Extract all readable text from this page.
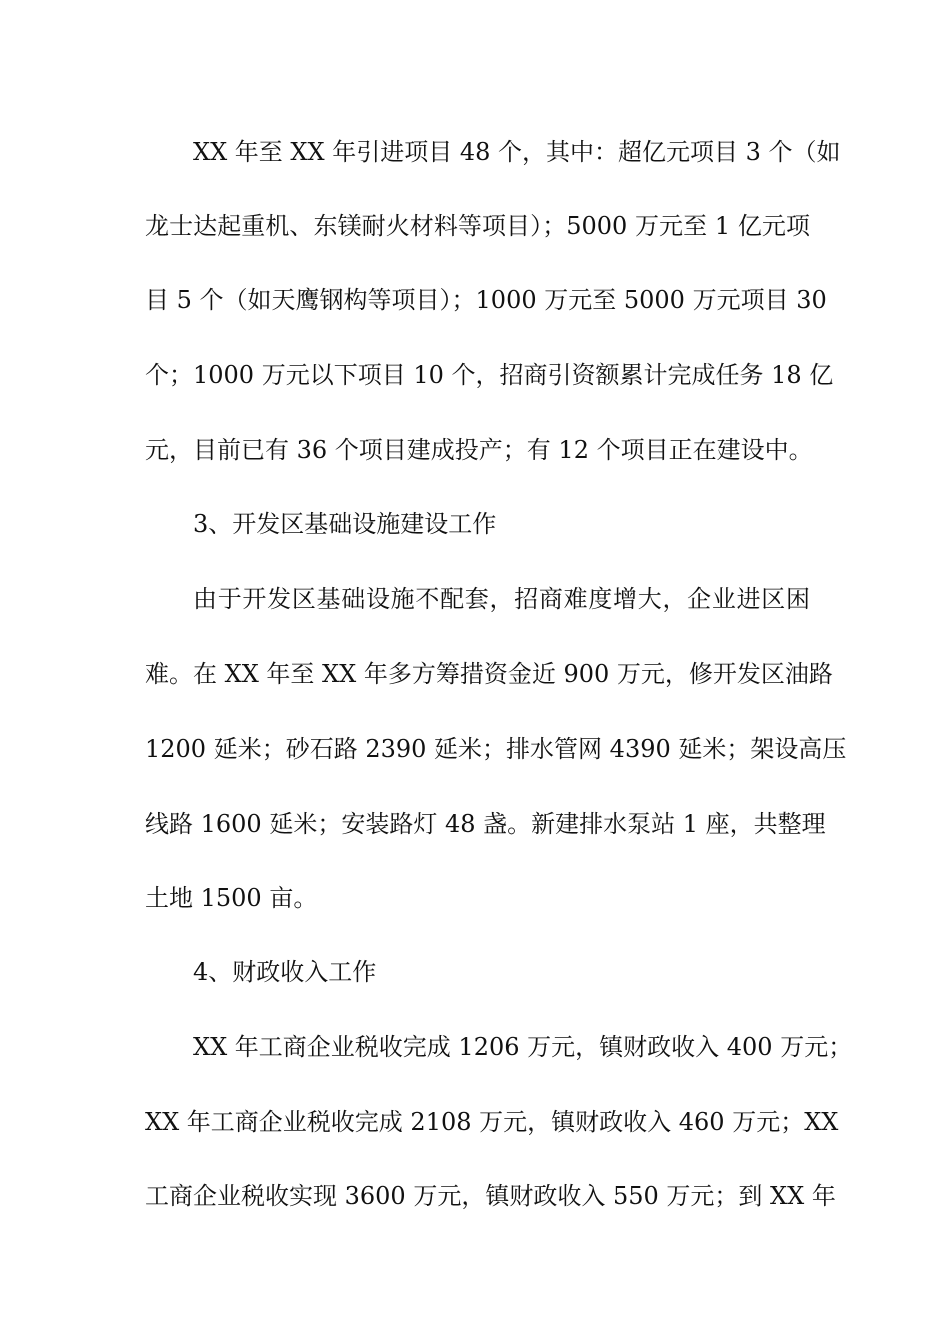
XX 年至 XX 年引进项目 48 个，其中：超亿元项目 3 个（如
龙士达起重机、东镁耐火材料等项目）；5000 万元至 1 亿元项
目 5 个（如天鹰钢构等项目）；1000 万元至 5000 万元项目 30
个；1000 万元以下项目 10 个，招商引资额累计完成任务 18 亿
元，目前已有 36 个项目建成投产；有 12 个项目正在建设中。
3、开发区基础设施建设工作
由于开发区基础设施不配套，招商难度增大，企业进区困
难。在 XX 年至 XX 年多方筹措资金近 900 万元，修开发区油路
1200 延米；砂石路 2390 延米；排水管网 4390 延米；架设高压
线路 1600 延米；安装路灯 48 盏。新建排水泵站 1 座，共整理
土地 1500 亩。
4、财政收入工作
XX 年工商企业税收完成 1206 万元，镇财政收入 400 万元；
XX 年工商企业税收完成 2108 万元，镇财政收入 460 万元；XX
工商企业税收实现 3600 万元，镇财政收入 550 万元；到 XX 年
